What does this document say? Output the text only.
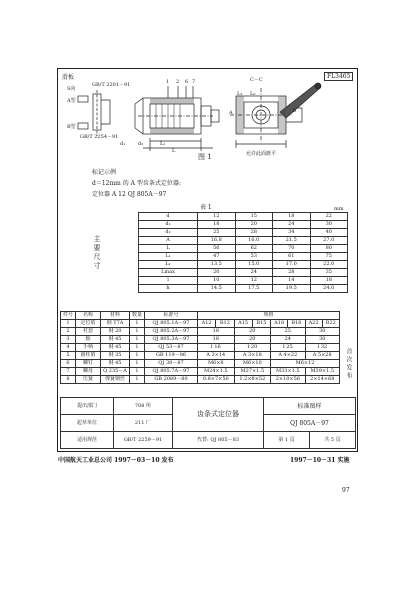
滑板	FL3465
S向
A型
B型
GB/T 2201－91
GB/T 2254－91
C－C
1 2 6 7
L₁
L
L₂ L₀
A	b
d₁	d₂
允许此面磨平
图 1
标记示例
d＝12mm 的 A 型齿条式定位器:
定位器 A 12 QJ 805A－97
表 1	mm
主要尺寸
d	12	15	18	22
d₁	18	20	24	30
d₂	25	28	34	40
A	16.8	16.0	21.5	27.0
L	56	62	70	80
L₁	47	53	61	75
L₂	13.5	15.0	17.0	22.0
Lmax	20	24	28	35
l	10	12	14	18
h	14.5	17.5	19.5	24.0
件号	名称	材料	数量	标准号	规格							
1	定位销	钢 T7A	1	QJ 805.1A－97	A12	B12	A15	B15	A18	B18	A22	B22
2	衬套	钢 20	1	QJ 805.2A－97	18		20		25		30	
3	轴	钢 45	1	QJ 805.3A－97	18		20		24		30	
4	手柄	钢 45	1	QJ 53－87	I 16		I 20		I 25		I 32	
5	圆柱销	钢 35	1	GB 119－86	A 3×14		A 3×18		A 4×22		A 5×28	
6	螺钉	钢 45	1	QJ 38－87	M6×8		M6×10		M6×12			
7	螺母	Q 235－A	1	QJ 805.7A－97	M24×1.5		M27×1.5		M33×1.5		M39×1.5	
8	压簧	弹簧钢丝	1	GB 2089－80	0.8×7×50		1.2×8×52		2×10×56		2×14×68	首次发布
提出部门	708 所	齿条式定位器	标准图样	
起草单位	211 厂		QJ 805A－97	
适用规范	GB/T 2259－91	代替: QJ 805－83	第 1 页	共 5 页
中国航天工业总公司 1997－03－10 发布	1997－10－31 实施
97
